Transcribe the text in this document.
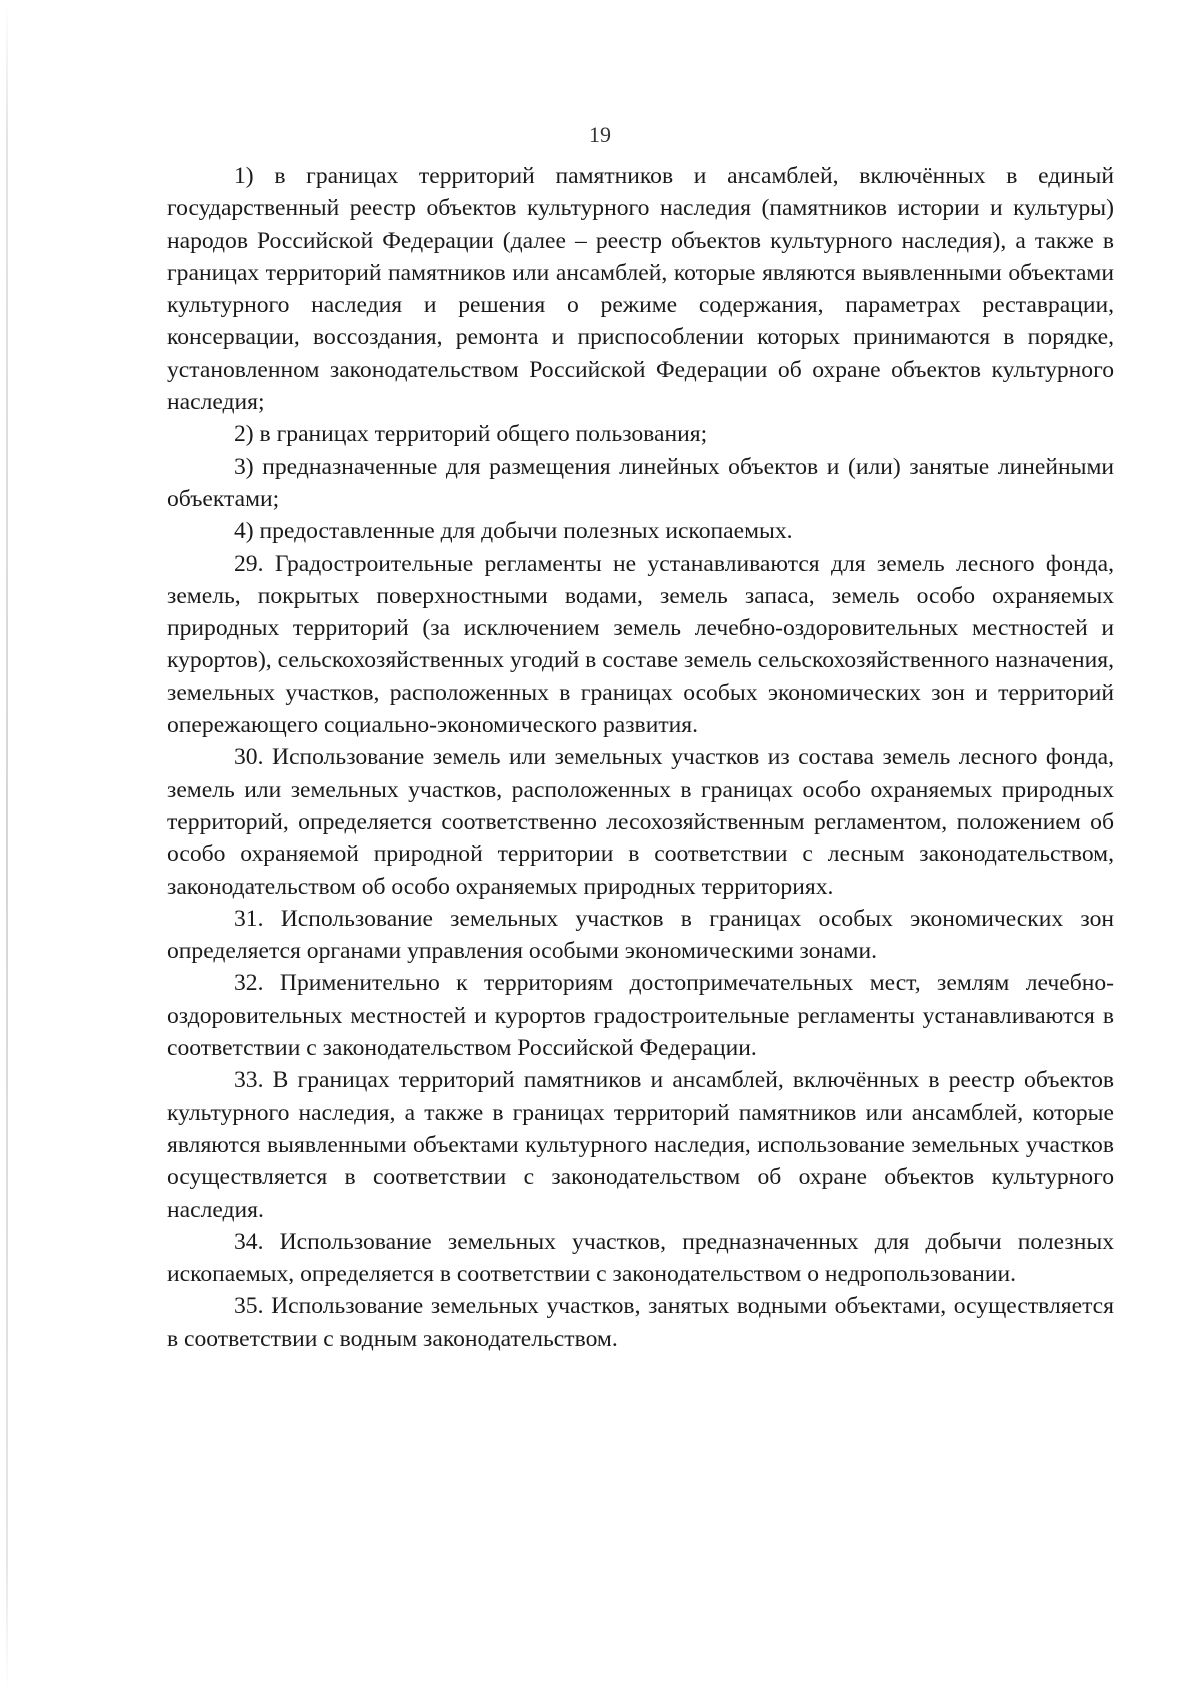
19

1) в границах территорий памятников и ансамблей, включённых в единый государственный реестр объектов культурного наследия (памятников истории и культуры) народов Российской Федерации (далее – реестр объектов культурного наследия), а также в границах территорий памятников или ансамблей, которые являются выявленными объектами культурного наследия и решения о режиме содержания, параметрах реставрации, консервации, воссоздания, ремонта и приспособлении которых принимаются в порядке, установленном законодательством Российской Федерации об охране объектов культурного наследия;

2) в границах территорий общего пользования;

3) предназначенные для размещения линейных объектов и (или) занятые линейными объектами;

4) предоставленные для добычи полезных ископаемых.

29. Градостроительные регламенты не устанавливаются для земель лесного фонда, земель, покрытых поверхностными водами, земель запаса, земель особо охраняемых природных территорий (за исключением земель лечебно-оздоровительных местностей и курортов), сельскохозяйственных угодий в составе земель сельскохозяйственного назначения, земельных участков, расположенных в границах особых экономических зон и территорий опережающего социально-экономического развития.

30. Использование земель или земельных участков из состава земель лесного фонда, земель или земельных участков, расположенных в границах особо охраняемых природных территорий, определяется соответственно лесохозяйственным регламентом, положением об особо охраняемой природной территории в соответствии с лесным законодательством, законодательством об особо охраняемых природных территориях.

31. Использование земельных участков в границах особых экономических зон определяется органами управления особыми экономическими зонами.

32. Применительно к территориям достопримечательных мест, землям лечебно-оздоровительных местностей и курортов градостроительные регламенты устанавливаются в соответствии с законодательством Российской Федерации.

33. В границах территорий памятников и ансамблей, включённых в реестр объектов культурного наследия, а также в границах территорий памятников или ансамблей, которые являются выявленными объектами культурного наследия, использование земельных участков осуществляется в соответствии с законодательством об охране объектов культурного наследия.

34. Использование земельных участков, предназначенных для добычи полезных ископаемых, определяется в соответствии с законодательством о недропользовании.

35. Использование земельных участков, занятых водными объектами, осуществляется в соответствии с водным законодательством.
